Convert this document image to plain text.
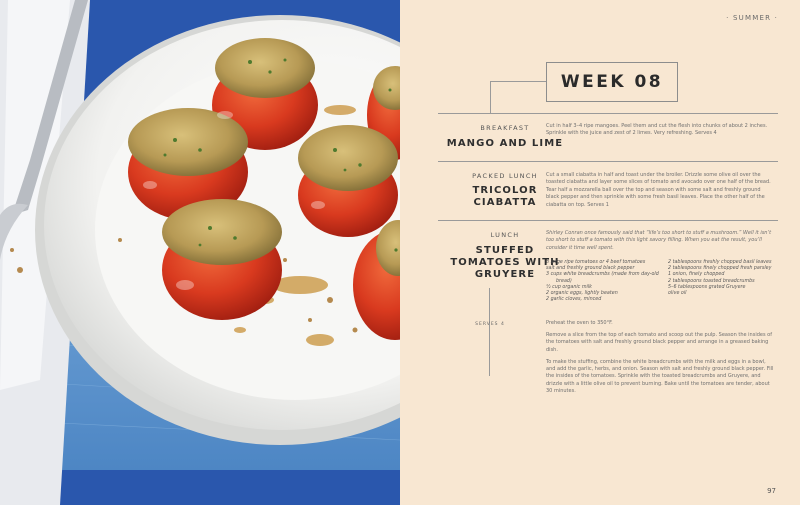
· SUMMER ·
WEEK 08
BREAKFAST
MANGO AND LIME
Cut in half 3–4 ripe mangoes. Peel them and cut the flesh into chunks of about 2 inches. Sprinkle with the juice and zest of 2 limes. Very refreshing. Serves 4
PACKED LUNCH
TRICOLOR
CIABATTA
Cut a small ciabatta in half and toast under the broiler. Drizzle some olive oil over the toasted ciabatta and layer some slices of tomato and avocado over one half of the bread. Tear half a mozzarella ball over the top and season with some salt and freshly ground black pepper and then sprinkle with some fresh basil leaves. Place the other half of the ciabatta on top. Serves 1
LUNCH
STUFFED
TOMATOES WITH
GRUYERE
Shirley Conran once famously said that “life’s too short to stuff a mushroom.” Well it isn’t too short to stuff a tomato with this light savory filling. When you eat the result, you’ll consider it time well spent.
8 large ripe tomatoes or 4 beef tomatoes
salt and freshly ground black pepper
3 cups white breadcrumbs (made from day-old
bread)
½ cup organic milk
2 organic eggs, lightly beaten
2 garlic cloves, minced
2 tablespoons freshly chopped basil leaves
2 tablespoons finely chopped fresh parsley
1 onion, finely chopped
2 tablespoons toasted breadcrumbs
5–6 tablespoons grated Gruyere
olive oil
SERVES 4	Preheat the oven to 350°F.

Remove a slice from the top of each tomato and scoop out the pulp. Season the insides of the tomatoes with salt and freshly ground black pepper and arrange in a greased baking dish.

To make the stuffing, combine the white breadcrumbs with the milk and eggs in a bowl, and add the garlic, herbs, and onion. Season with salt and freshly ground black pepper. Fill the insides of the tomatoes. Sprinkle with the toasted breadcrumbs and Gruyere, and drizzle with a little olive oil to prevent burning. Bake until the tomatoes are tender, about 30 minutes.

97
